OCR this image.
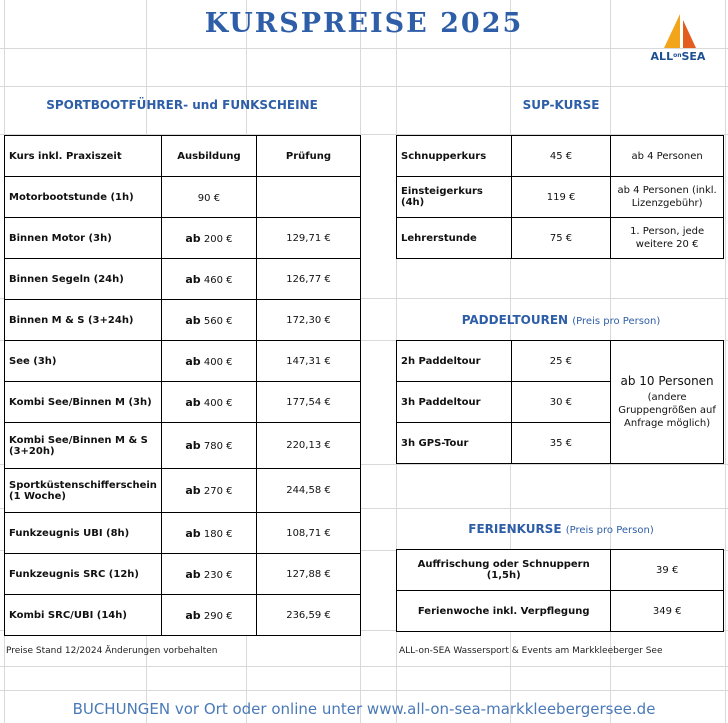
KURSPREISE 2025
$ALL^{on}SEA$
SPORTBOOTFÜHRER- und FUNKSCHEINE
Kurs inkl. Praxiszeit	Ausbildung	Prüfung
Motorbootstunde (1h)	90 €	
Binnen Motor (3h)	ab 200 €	129,71 €
Binnen Segeln (24h)	ab 460 €	126,77 €
Binnen M & S (3+24h)	ab 560 €	172,30 €
See (3h)	ab 400 €	147,31 €
Kombi See/Binnen M (3h)	ab 400 €	177,54 €
Kombi See/Binnen M & S (3+20h)	ab 780 €	220,13 €
Sportküstenschifferschein (1 Woche)	ab 270 €	244,58 €
Funkzeugnis UBI (8h)	ab 180 €	108,71 €
Funkzeugnis SRC (12h)	ab 230 €	127,88 €
Kombi SRC/UBI (14h)	ab 290 €	236,59 €
SUP-KURSE
Schnupperkurs	45 €	ab 4 Personen
Einsteigerkurs (4h)	119 €	ab 4 Personen (inkl. Lizenzgebühr)
Lehrerstunde	75 €	1. Person, jede weitere 20 €
PADDELTOUREN (Preis pro Person)
2h Paddeltour	25 €	ab 10 Personen
(andere Gruppengrößen auf Anfrage möglich)

3h Paddeltour	30 €	
3h GPS-Tour	35 €	
FERIENKURSE (Preis pro Person)
Auffrischung oder Schnuppern (1,5h)	39 €
Ferienwoche inkl. Verpflegung	349 €
Preise Stand 12/2024 Änderungen vorbehalten	ALL-on-SEA Wassersport & Events am Markkleeberger See
BUCHUNGEN vor Ort oder online unter www.all-on-sea-markkleebergersee.de
